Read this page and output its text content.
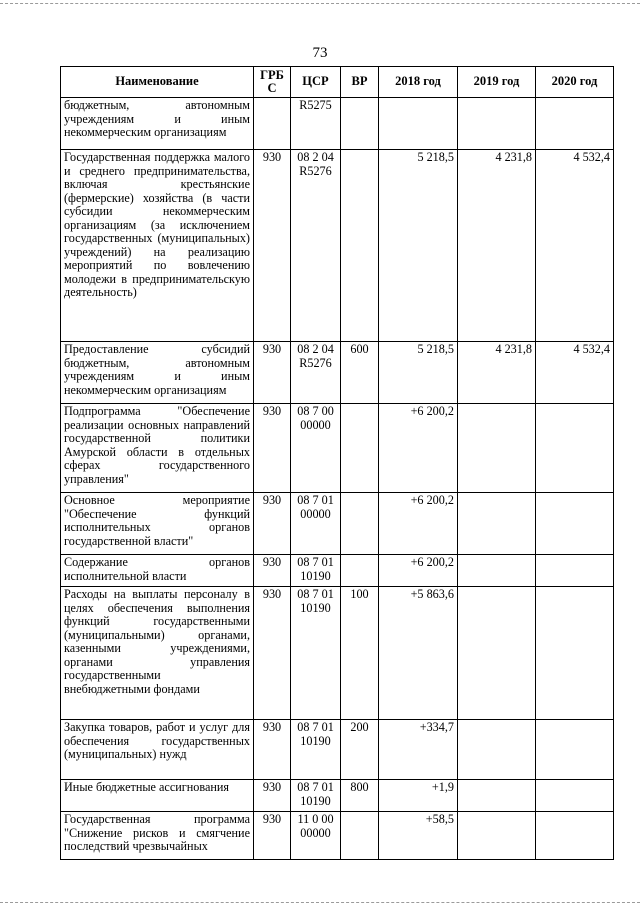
73
Наименование	ГРБ С	ЦСР	ВР	2018 год	2019 год	2020 год
бюджетным, автономным учреждениям и иным некоммерческим организациям		R5275				
Государственная поддержка малого и среднего предпринимательства, включая крестьянские (фермерские) хозяйства (в части субсидии некоммерческим организациям (за исключением государственных (муниципальных) учреждений) на реализацию мероприятий по вовлечению молодежи в предпринимательскую деятельность)	930	08 2 04 R5276		5 218,5	4 231,8	4 532,4
Предоставление субсидий бюджетным, автономным учреждениям и иным некоммерческим организациям	930	08 2 04 R5276	600	5 218,5	4 231,8	4 532,4
Подпрограмма "Обеспечение реализации основных направлений государственной политики Амурской области в отдельных сферах государственного управления"	930	08 7 00 00000		+6 200,2		
Основное мероприятие "Обеспечение функций исполнительных органов государственной власти"	930	08 7 01 00000		+6 200,2		
Содержание органов исполнительной власти	930	08 7 01 10190		+6 200,2		
Расходы на выплаты персоналу в целях обеспечения выполнения функций государственными (муниципальными) органами, казенными учреждениями, органами управления государственными внебюджетными фондами	930	08 7 01 10190	100	+5 863,6		
Закупка товаров, работ и услуг для обеспечения государственных (муниципальных) нужд	930	08 7 01 10190	200	+334,7		
Иные бюджетные ассигнования	930	08 7 01 10190	800	+1,9		
Государственная программа "Снижение рисков и смягчение последствий чрезвычайных	930	11 0 00 00000		+58,5		
